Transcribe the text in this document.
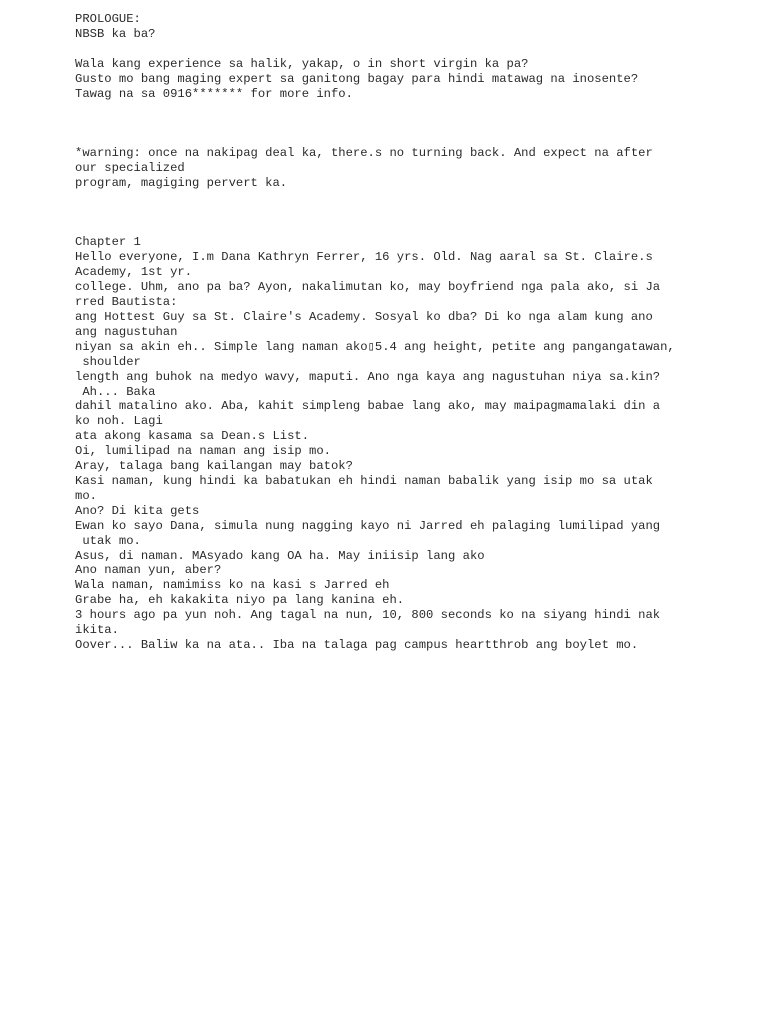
PROLOGUE:
NBSB ka ba?
Wala kang experience sa halik, yakap, o in short virgin ka pa?
Gusto mo bang maging expert sa ganitong bagay para hindi matawag na inosente?
Tawag na sa 0916******* for more info.
*warning: once na nakipag deal ka, there.s no turning back. And expect na after
our specialized
program, magiging pervert ka.
Chapter 1
Hello everyone, I.m Dana Kathryn Ferrer, 16 yrs. Old. Nag aaral sa St. Claire.s
Academy, 1st yr.
college. Uhm, ano pa ba? Ayon, nakalimutan ko, may boyfriend nga pala ako, si Ja
rred Bautista:
ang Hottest Guy sa St. Claire's Academy. Sosyal ko dba? Di ko nga alam kung ano
ang nagustuhan
niyan sa akin eh.. Simple lang naman ako▯5.4 ang height, petite ang pangangatawan,
shoulder
length ang buhok na medyo wavy, maputi. Ano nga kaya ang nagustuhan niya sa.kin?
Ah... Baka
dahil matalino ako. Aba, kahit simpleng babae lang ako, may maipagmamalaki din a
ko noh. Lagi
ata akong kasama sa Dean.s List.
Oi, lumilipad na naman ang isip mo.
Aray, talaga bang kailangan may batok?
Kasi naman, kung hindi ka babatukan eh hindi naman babalik yang isip mo sa utak
mo.
Ano? Di kita gets
Ewan ko sayo Dana, simula nung nagging kayo ni Jarred eh palaging lumilipad yang
utak mo.
Asus, di naman. MAsyado kang OA ha. May iniisip lang ako
Ano naman yun, aber?
Wala naman, namimiss ko na kasi s Jarred eh
Grabe ha, eh kakakita niyo pa lang kanina eh.
3 hours ago pa yun noh. Ang tagal na nun, 10, 800 seconds ko na siyang hindi nak
ikita.
Oover... Baliw ka na ata.. Iba na talaga pag campus heartthrob ang boylet mo.
